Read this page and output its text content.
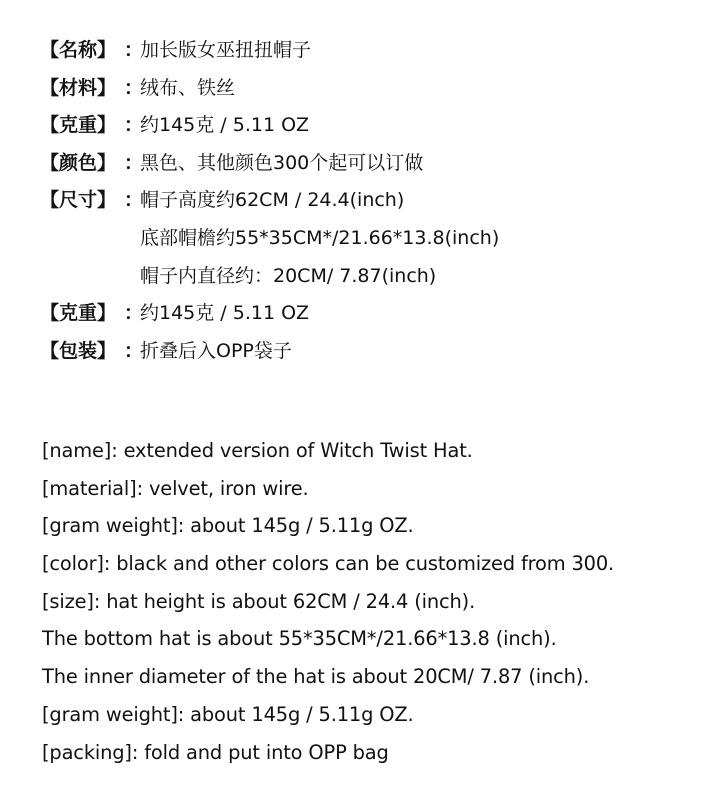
【名称】 ：
加长版女巫扭扭帽子
【材料】 ：
绒布、铁丝
【克重】 ：
约145克 / 5.11 OZ
【颜色】 ：
黑色、其他颜色300个起可以订做
【尺寸】 ：
帽子高度约62CM / 24.4(inch)
底部帽檐约55*35CM*/21.66*13.8(inch)
帽子内直径约：20CM/ 7.87(inch)
【克重】 ：
约145克 / 5.11 OZ
【包装】 ：
折叠后入OPP袋子
[name]: extended version of Witch Twist Hat.
[material]: velvet, iron wire.
[gram weight]: about 145g / 5.11g OZ.
[color]: black and other colors can be customized from 300.
[size]: hat height is about 62CM / 24.4 (inch).
The bottom hat is about 55*35CM*/21.66*13.8 (inch).
The inner diameter of the hat is about 20CM/ 7.87 (inch).
[gram weight]: about 145g / 5.11g OZ.
[packing]: fold and put into OPP bag
